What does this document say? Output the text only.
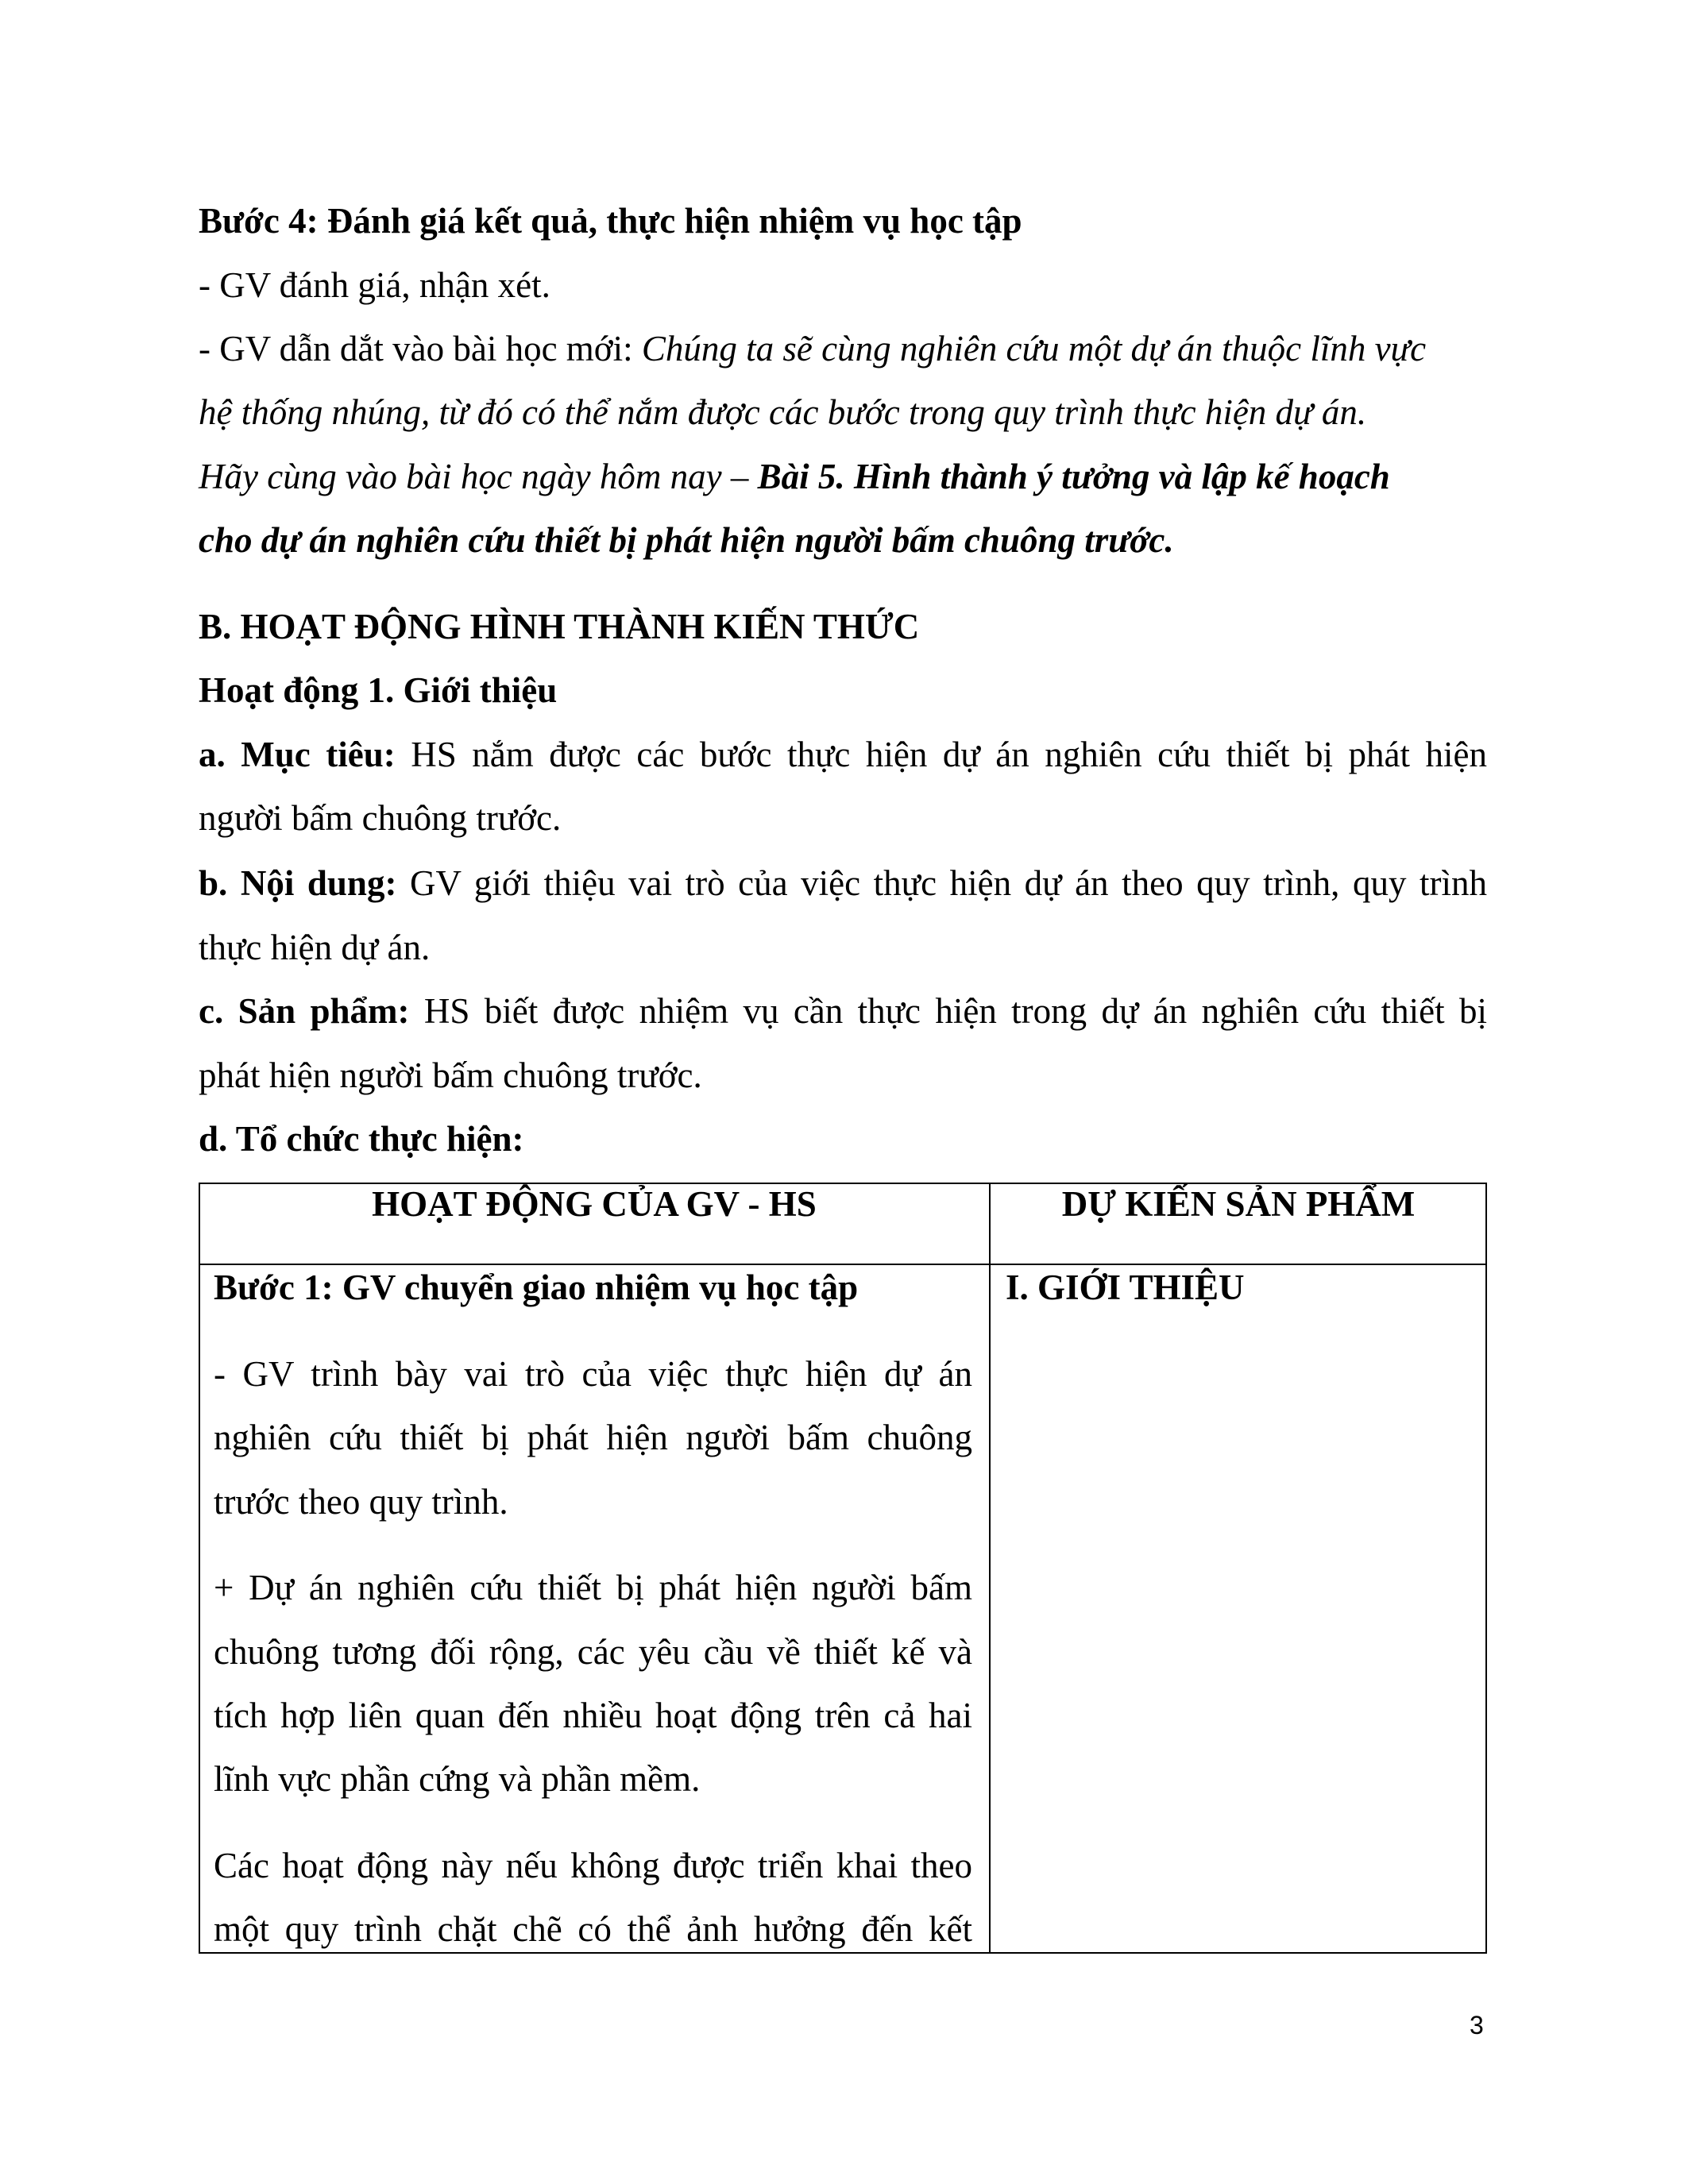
Bước 4: Đánh giá kết quả, thực hiện nhiệm vụ học tập
- GV đánh giá, nhận xét.
- GV dẫn dắt vào bài học mới: Chúng ta sẽ cùng nghiên cứu một dự án thuộc lĩnh vực
hệ thống nhúng, từ đó có thể nắm được các bước trong quy trình thực hiện dự án.
Hãy cùng vào bài học ngày hôm nay – Bài 5. Hình thành ý tưởng và lập kế hoạch
cho dự án nghiên cứu thiết bị phát hiện người bấm chuông trước.
B. HOẠT ĐỘNG HÌNH THÀNH KIẾN THỨC
Hoạt động 1. Giới thiệu
a. Mục tiêu: HS nắm được các bước thực hiện dự án nghiên cứu thiết bị phát hiện
người bấm chuông trước.
b. Nội dung: GV giới thiệu vai trò của việc thực hiện dự án theo quy trình, quy trình
thực hiện dự án.
c. Sản phẩm: HS biết được nhiệm vụ cần thực hiện trong dự án nghiên cứu thiết bị
phát hiện người bấm chuông trước.
d. Tổ chức thực hiện:
HOẠT ĐỘNG CỦA GV - HS	DỰ KIẾN SẢN PHẨM
Bước 1: GV chuyển giao nhiệm vụ học tập
- GV trình bày vai trò của việc thực hiện dự án
nghiên cứu thiết bị phát hiện người bấm chuông
trước theo quy trình.
+ Dự án nghiên cứu thiết bị phát hiện người bấm
chuông tương đối rộng, các yêu cầu về thiết kế và
tích hợp liên quan đến nhiều hoạt động trên cả hai
lĩnh vực phần cứng và phần mềm.
Các hoạt động này nếu không được triển khai theo
một quy trình chặt chẽ có thể ảnh hưởng đến kết
I. GIỚI THIỆU
3
